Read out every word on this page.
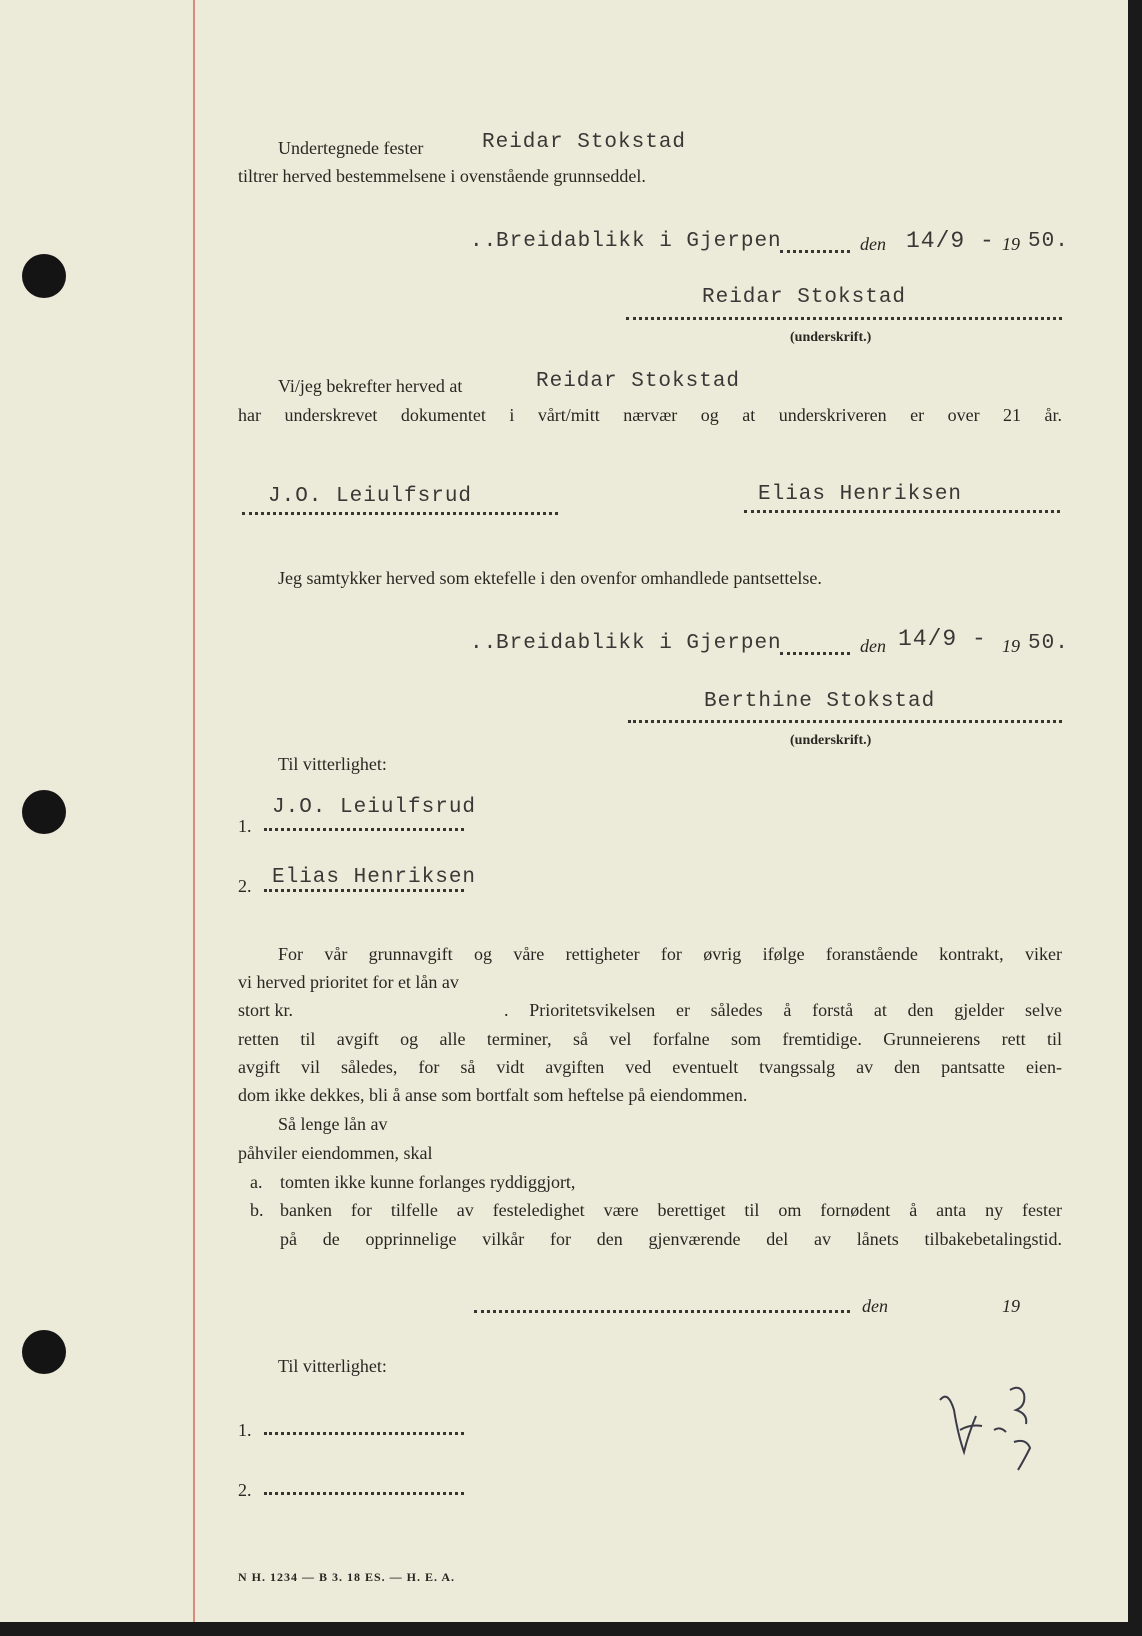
Undertegnede fester	Reidar Stokstad
tiltrer herved bestemmelsene i ovenstående grunnseddel.
..
Breidablikk i Gjerpen	den 14/9 - 19 50.
Reidar Stokstad
(underskrift.)
Vi/jeg bekrefter herved at	Reidar Stokstad
har underskrevet dokumentet i vårt/mitt nærvær og at underskriveren er over 21 år.
J.O. Leiulfsrud	Elias Henriksen
Jeg samtykker herved som ektefelle i den ovenfor omhandlede pantsettelse.
..
Breidablikk i Gjerpen	den 14/9 - 19 50.
Berthine Stokstad
(underskrift.)
Til vitterlighet:
J.O. Leiulfsrud
1.
Elias Henriksen
2.
For vår grunnavgift og våre rettigheter for øvrig ifølge foranstående kontrakt, viker
vi herved prioritet for et lån av
stort kr.	. Prioritetsvikelsen er således å forstå at den gjelder selve
retten til avgift og alle terminer, så vel forfalne som fremtidige. Grunneierens rett til
avgift vil således, for så vidt avgiften ved eventuelt tvangssalg av den pantsatte eien-
dom ikke dekkes, bli å anse som bortfalt som heftelse på eiendommen.
Så lenge lån av
påhviler eiendommen, skal
a. tomten ikke kunne forlanges ryddiggjort,
b. banken for tilfelle av festeledighet være berettiget til om fornødent å anta ny fester
på de opprinnelige vilkår for den gjenværende del av lånets tilbakebetalingstid.
den	19
Til vitterlighet:
1.
2.
N H. 1234 — B 3. 18 ES. — H. E. A.
